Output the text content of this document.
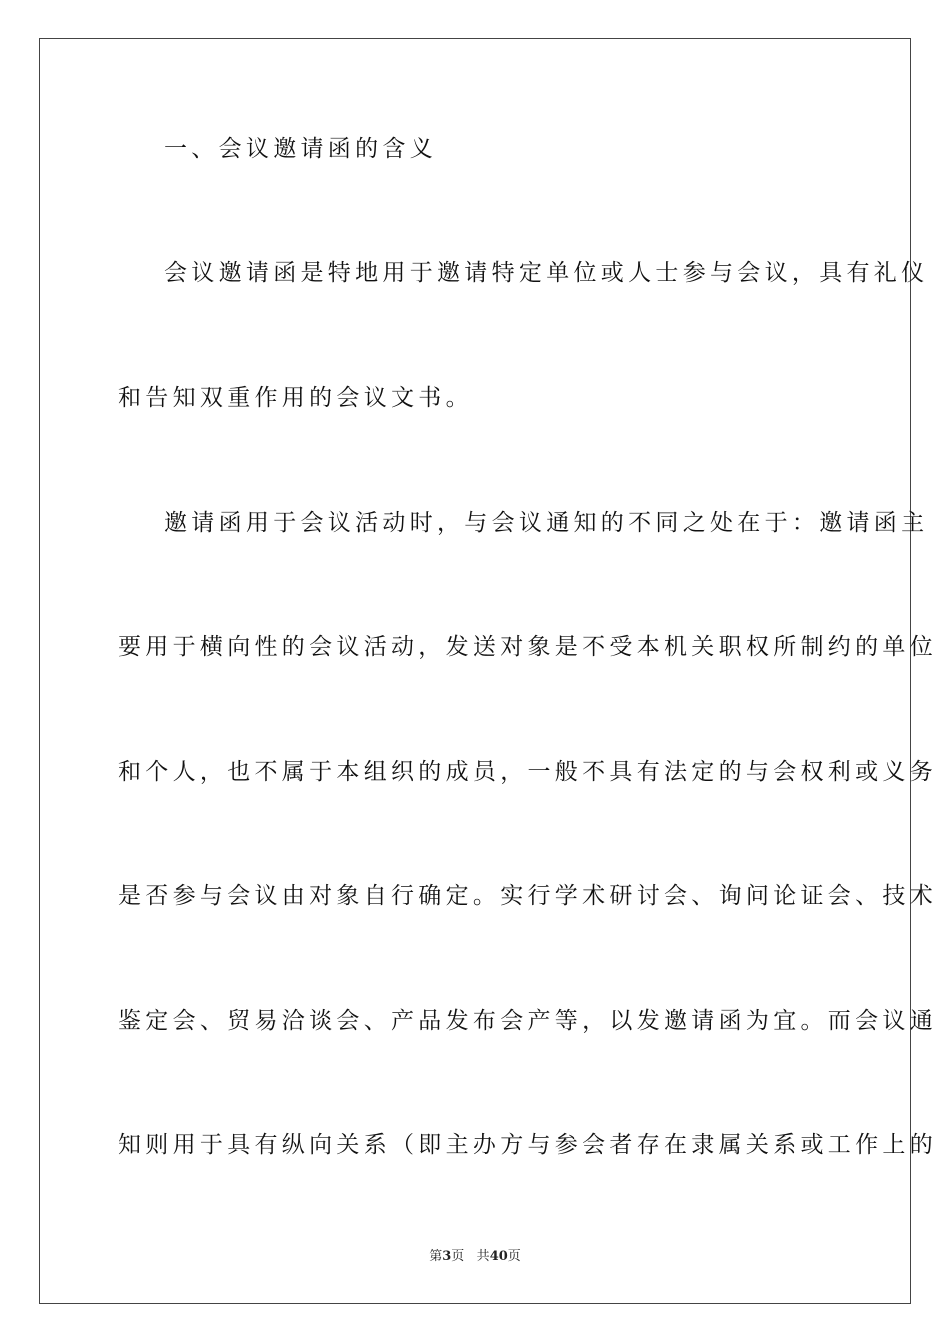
一、会议邀请函的含义
会议邀请函是特地用于邀请特定单位或人士参与会议，具有礼仪
和告知双重作用的会议文书。
邀请函用于会议活动时，与会议通知的不同之处在于：邀请函主
要用于横向性的会议活动，发送对象是不受本机关职权所制约的单位
和个人，也不属于本组织的成员，一般不具有法定的与会权利或义务
是否参与会议由对象自行确定。实行学术研讨会、询问论证会、技术
鉴定会、贸易洽谈会、产品发布会产等，以发邀请函为宜。而会议通
知则用于具有纵向关系（即主办方与参会者存在隶属关系或工作上的
第3页 共40页
